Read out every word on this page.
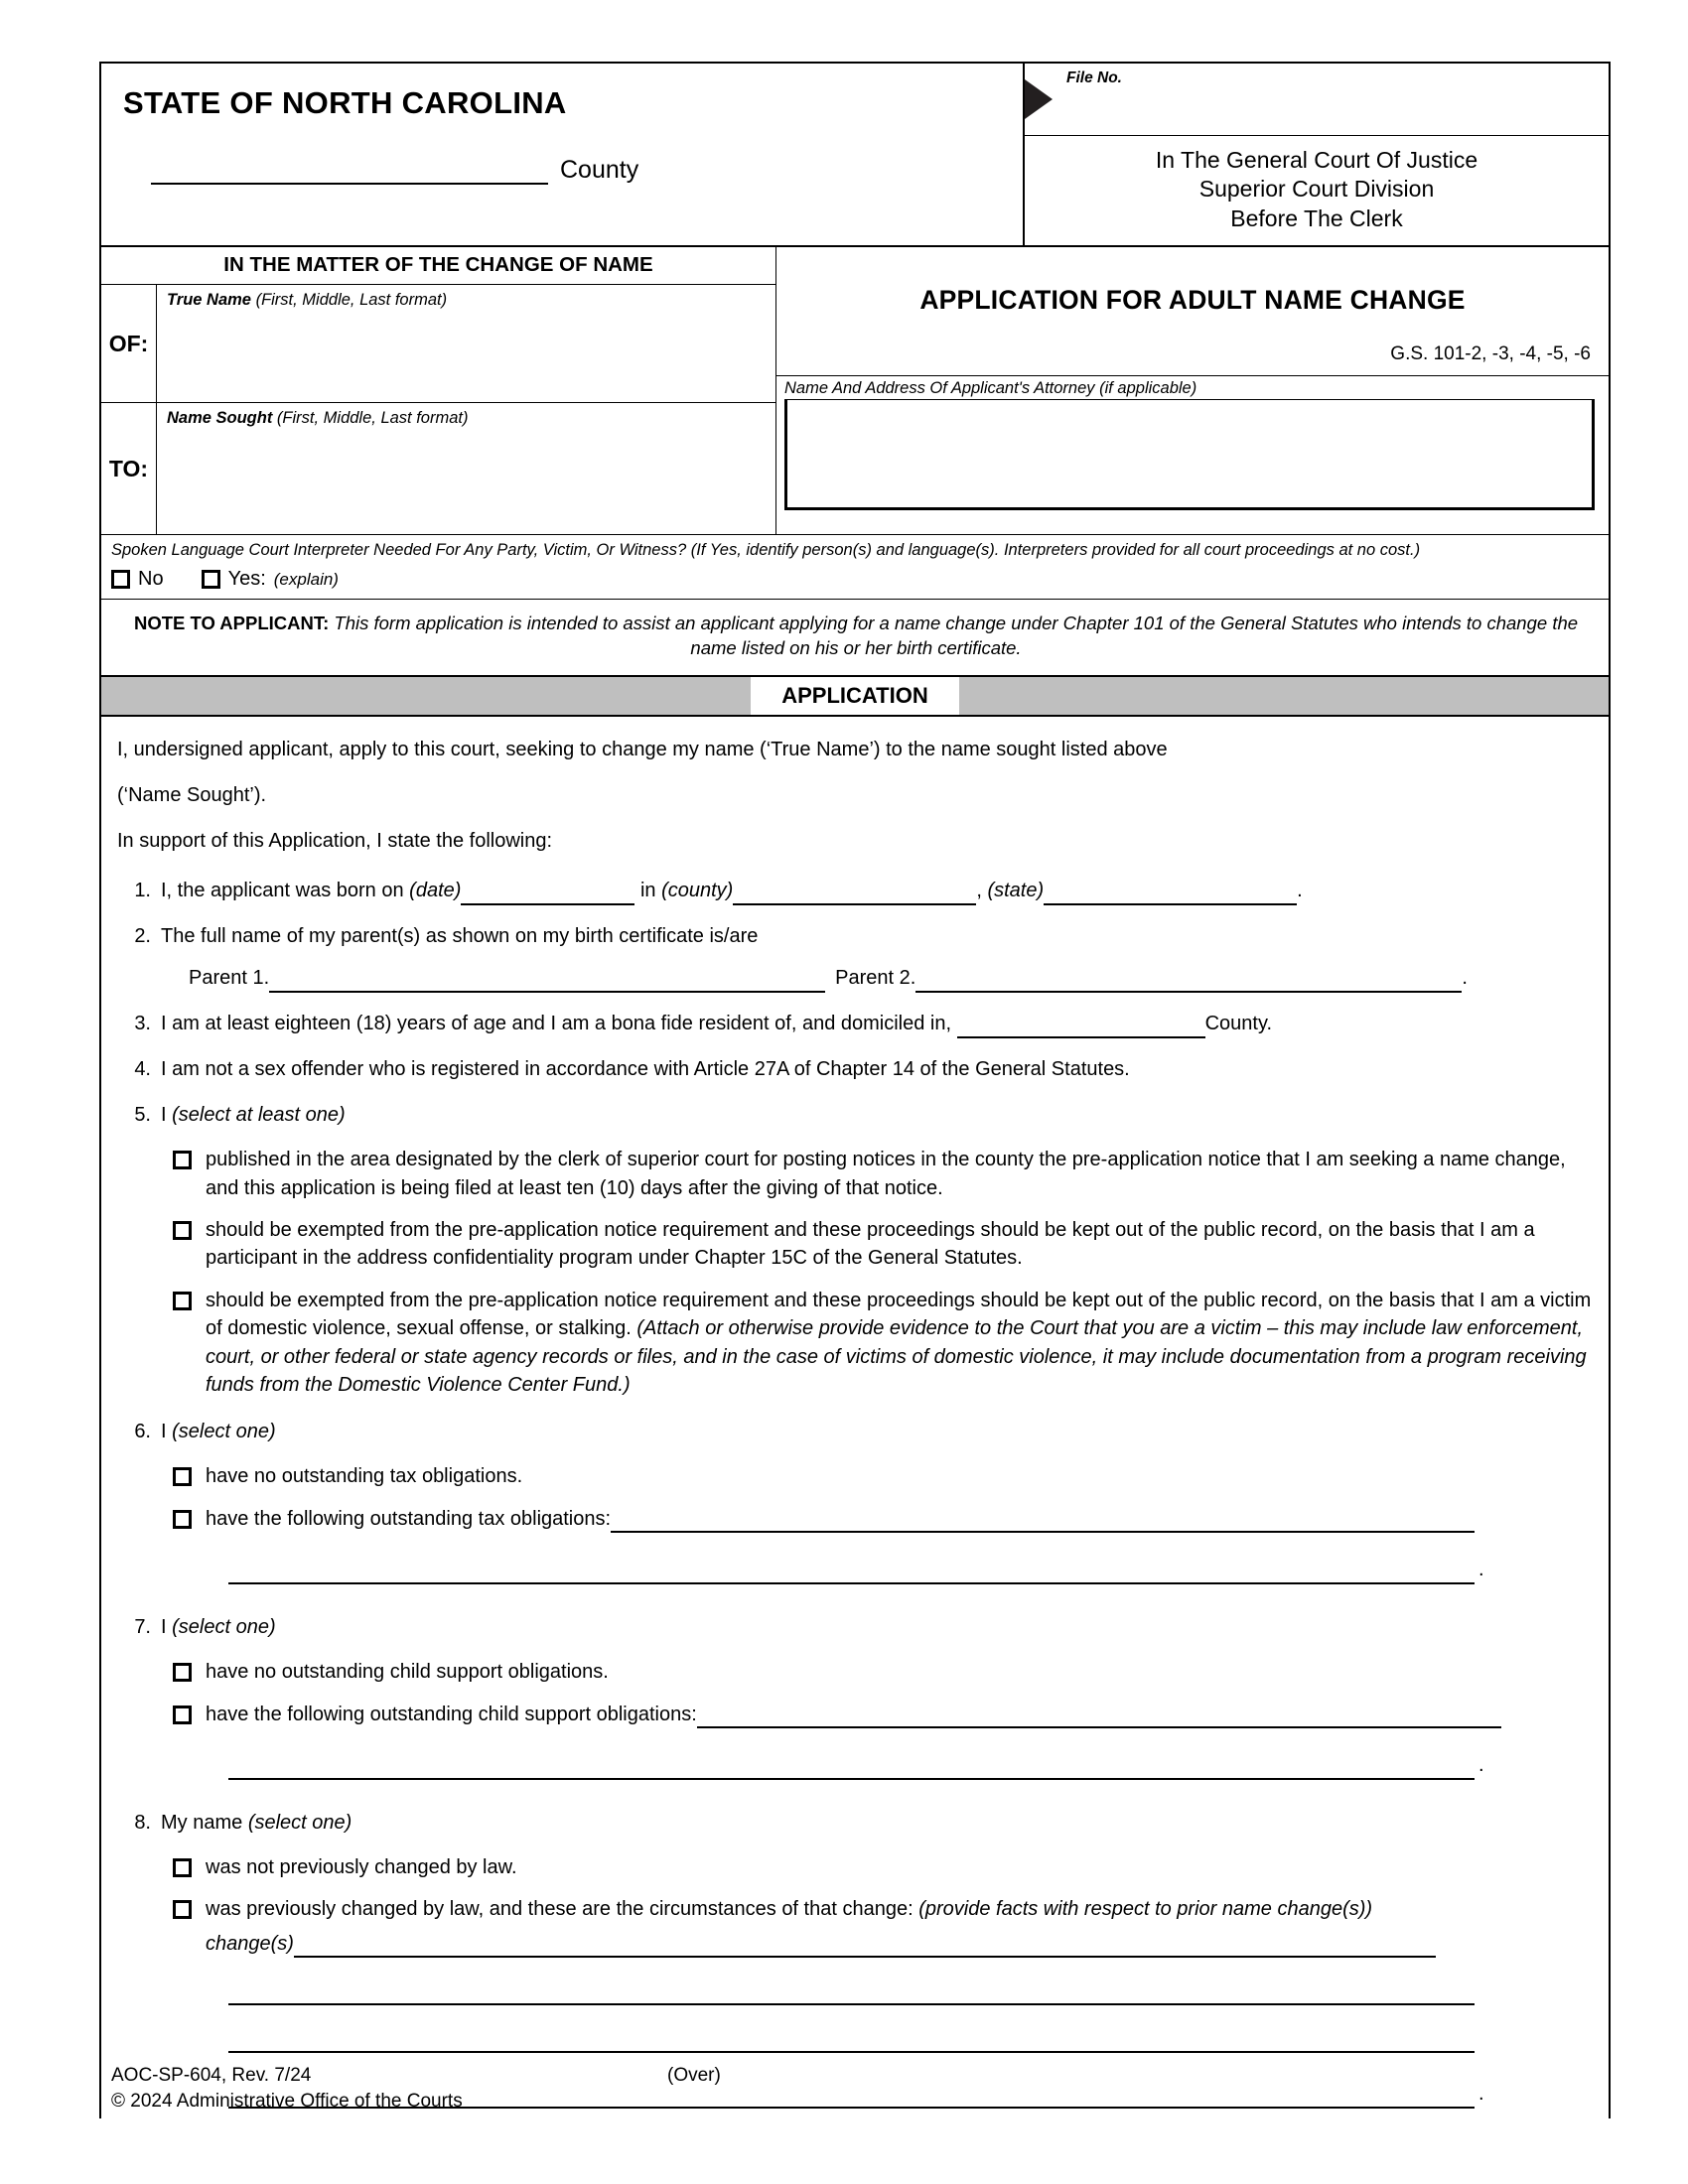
STATE OF NORTH CAROLINA
County
File No.
In The General Court Of Justice
Superior Court Division
Before The Clerk
IN THE MATTER OF THE CHANGE OF NAME
OF:
True Name (First, Middle, Last format)
TO:
Name Sought (First, Middle, Last format)
APPLICATION FOR ADULT NAME CHANGE
G.S. 101-2, -3, -4, -5, -6
Name And Address Of Applicant's Attorney (if applicable)
Spoken Language Court Interpreter Needed For Any Party, Victim, Or Witness? (If Yes, identify person(s) and language(s). Interpreters provided for all court proceedings at no cost.)
No	Yes: (explain)
NOTE TO APPLICANT: This form application is intended to assist an applicant applying for a name change under Chapter 101 of the General Statutes who intends to change the name listed on his or her birth certificate.
APPLICATION
I, undersigned applicant, apply to this court, seeking to change my name (‘True Name’) to the name sought listed above
(‘Name Sought’).
In support of this Application, I state the following:
1. I, the applicant was born on (date)	in (county)	, (state)	.
2. The full name of my parent(s) as shown on my birth certificate is/are
Parent 1.	Parent 2.	.
3. I am at least eighteen (18) years of age and I am a bona fide resident of, and domiciled in,	County.
4. I am not a sex offender who is registered in accordance with Article 27A of Chapter 14 of the General Statutes.
5. I (select at least one)
published in the area designated by the clerk of superior court for posting notices in the county the pre-application notice that I am seeking a name change, and this application is being filed at least ten (10) days after the giving of that notice.
should be exempted from the pre-application notice requirement and these proceedings should be kept out of the public record, on the basis that I am a participant in the address confidentiality program under Chapter 15C of the General Statutes.
should be exempted from the pre-application notice requirement and these proceedings should be kept out of the public record, on the basis that I am a victim of domestic violence, sexual offense, or stalking. (Attach or otherwise provide evidence to the Court that you are a victim – this may include law enforcement, court, or other federal or state agency records or files, and in the case of victims of domestic violence, it may include documentation from a program receiving funds from the Domestic Violence Center Fund.)
6. I (select one)
have no outstanding tax obligations.
have the following outstanding tax obligations:
.
7. I (select one)
have no outstanding child support obligations.
have the following outstanding child support obligations:
.
8. My name (select one)
was not previously changed by law.
was previously changed by law, and these are the circumstances of that change: (provide facts with respect to prior name change(s))
change(s)
.
AOC-SP-604, Rev. 7/24	(Over)
© 2024 Administrative Office of the Courts
